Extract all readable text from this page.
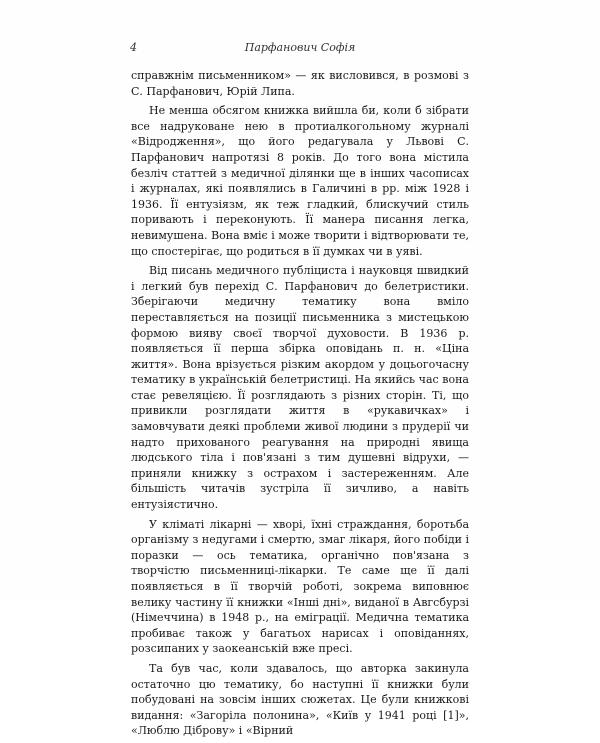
4	Парфанович Софія

справжнім письменником» — як висловився, в розмові з С. Парфанович, Юрій Липа.

Не менша обсягом книжка вийшла би, коли б зібрати все надруковане нею в протиалкогольному журналі «Відродження», що його редагувала у Львові С. Парфанович напротязі 8 років. До того вона містила безліч статтей з медичної ділянки ще в інших часописах і журналах, які появлялись в Галичині в рр. між 1928 і 1936. Її ентузіязм, як теж гладкий, блискучий стиль поривають і переконують. Її манера писання легка, невимушена. Вона вміє і може творити і відтворювати те, що спостерігає, що родиться в її думках чи в уяві.

Від писань медичного публіциста і науковця швидкий і легкий був перехід С. Парфанович до белетристики. Зберігаючи медичну тематику вона вміло переставляється на позиції письменника з мистецькою формою вияву своєї творчої духовости. В 1936 р. появляється її перша збірка оповідань п. н. «Ціна життя». Вона врізується різким акордом у доцьогочасну тематику в українській белетристиці. На якийсь час вона стає ревеляцією. Її розглядають з різних сторін. Ті, що привикли розглядати життя в «рукавичках» і замовчувати деякі проблеми живої людини з прудерії чи надто прихованого реагування на природні явища людського тіла і пов'язані з тим душевні відрухи, — приняли книжку з острахом і застереженням. Але більшість читачів зустріла її зичливо, а навіть ентузіястично.

У кліматі лікарні — хворі, їхні страждання, боротьба організму з недугами і смертю, змаг лікаря, його побіди і поразки — ось тематика, органічно пов'язана з творчістю письменниці-лікарки. Те саме ще її далі появляється в її творчій роботі, зокрема виповнює велику частину її книжки «Інші дні», виданої в Авгсбурзі (Німеччина) в 1948 р., на еміграції. Медична тематика пробиває також у багатьох нарисах і оповіданнях, розсипаних у заокеанській вже пресі.

Та був час, коли здавалось, що авторка закинула остаточно цю тематику, бо наступні її книжки були побудовані на зовсім інших сюжетах. Це були книжкові видання: «Загоріла полонина», «Київ у 1941 році [1]», «Люблю Діброву» і «Вірний
